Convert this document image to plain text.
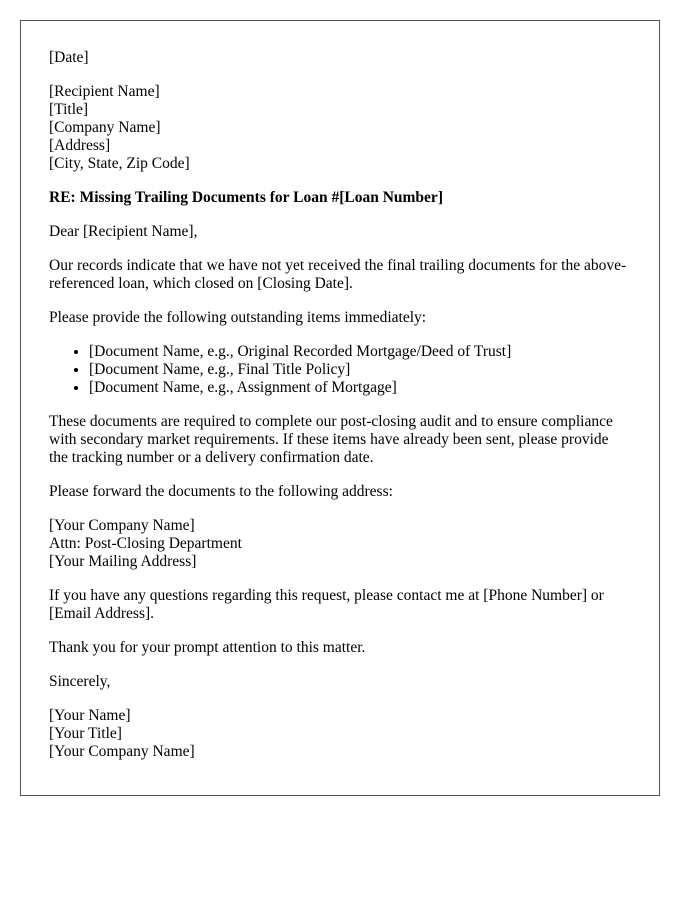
[Date]

[Recipient Name]
[Title]
[Company Name]
[Address]
[City, State, Zip Code]

RE: Missing Trailing Documents for Loan #[Loan Number]

Dear [Recipient Name],

Our records indicate that we have not yet received the final trailing documents for the above-referenced loan, which closed on [Closing Date].

Please provide the following outstanding items immediately:

• [Document Name, e.g., Original Recorded Mortgage/Deed of Trust]
• [Document Name, e.g., Final Title Policy]
• [Document Name, e.g., Assignment of Mortgage]

These documents are required to complete our post-closing audit and to ensure compliance with secondary market requirements. If these items have already been sent, please provide the tracking number or a delivery confirmation date.

Please forward the documents to the following address:

[Your Company Name]
Attn: Post-Closing Department
[Your Mailing Address]

If you have any questions regarding this request, please contact me at [Phone Number] or [Email Address].

Thank you for your prompt attention to this matter.

Sincerely,

[Your Name]
[Your Title]
[Your Company Name]
